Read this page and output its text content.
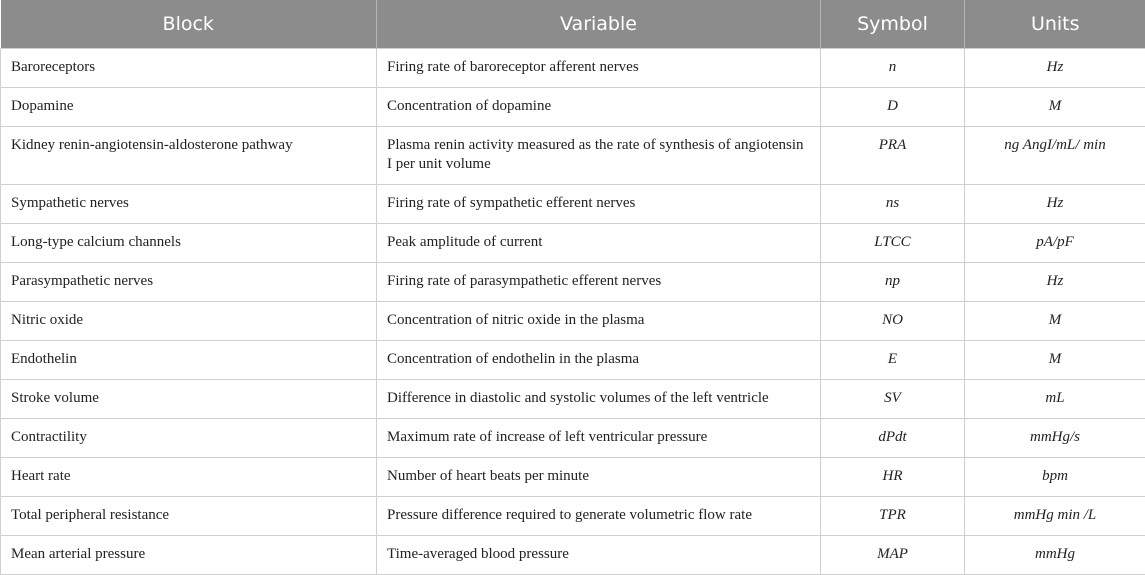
Block	Variable	Symbol	Units
Baroreceptors	Firing rate of baroreceptor afferent nerves	n	Hz
Dopamine	Concentration of dopamine	D	M
Kidney renin-angiotensin-aldosterone pathway	Plasma renin activity measured as the rate of synthesis of angiotensin I per unit volume	PRA	ng AngI/mL/ min
Sympathetic nerves	Firing rate of sympathetic efferent nerves	ns	Hz
Long-type calcium channels	Peak amplitude of current	LTCC	pA/pF
Parasympathetic nerves	Firing rate of parasympathetic efferent nerves	np	Hz
Nitric oxide	Concentration of nitric oxide in the plasma	NO	M
Endothelin	Concentration of endothelin in the plasma	E	M
Stroke volume	Difference in diastolic and systolic volumes of the left ventricle	SV	mL
Contractility	Maximum rate of increase of left ventricular pressure	dPdt	mmHg/s
Heart rate	Number of heart beats per minute	HR	bpm
Total peripheral resistance	Pressure difference required to generate volumetric flow rate	TPR	mmHg min /L
Mean arterial pressure	Time-averaged blood pressure	MAP	mmHg
